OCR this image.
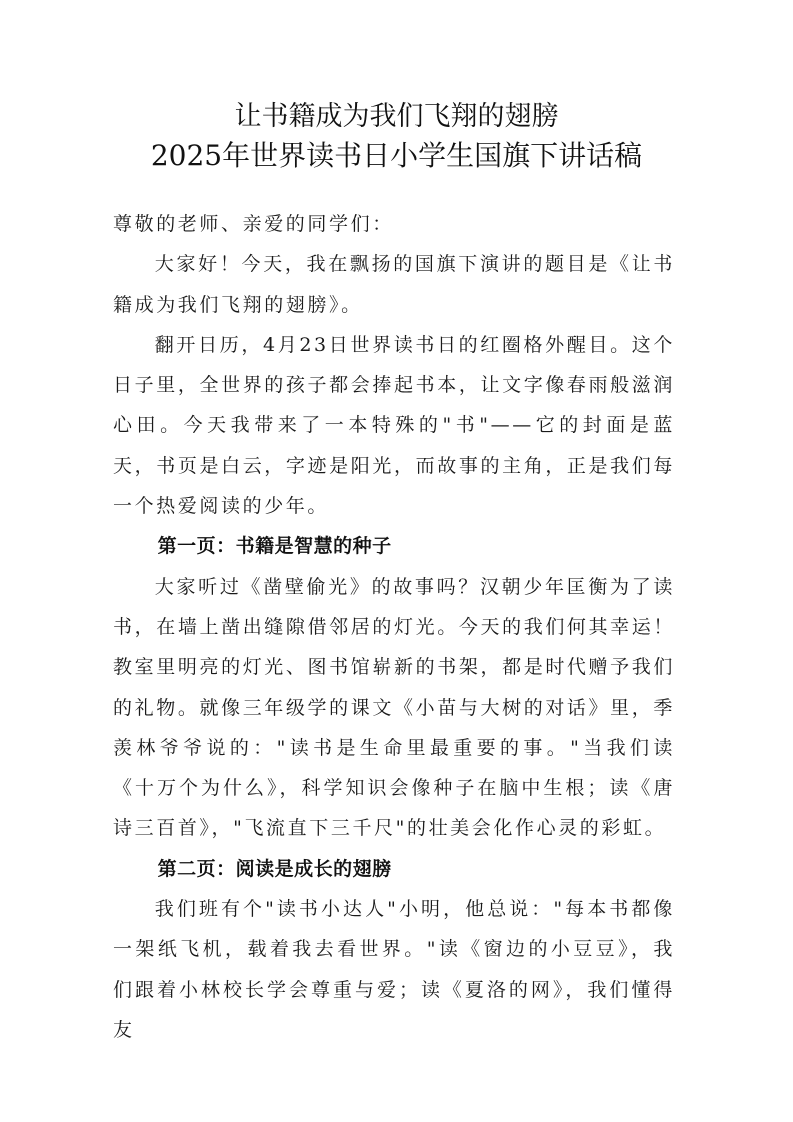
让书籍成为我们飞翔的翅膀
2025年世界读书日小学生国旗下讲话稿

尊敬的老师、亲爱的同学们：

大家好！今天，我在飘扬的国旗下演讲的题目是《让书籍成为我们飞翔的翅膀》。

翻开日历，4月23日世界读书日的红圈格外醒目。这个日子里，全世界的孩子都会捧起书本，让文字像春雨般滋润心田。今天我带来了一本特殊的"书"——它的封面是蓝天，书页是白云，字迹是阳光，而故事的主角，正是我们每一个热爱阅读的少年。

第一页：书籍是智慧的种子

大家听过《凿壁偷光》的故事吗？汉朝少年匡衡为了读书，在墙上凿出缝隙借邻居的灯光。今天的我们何其幸运！教室里明亮的灯光、图书馆崭新的书架，都是时代赠予我们的礼物。就像三年级学的课文《小苗与大树的对话》里，季羡林爷爷说的："读书是生命里最重要的事。"当我们读《十万个为什么》，科学知识会像种子在脑中生根；读《唐诗三百首》，"飞流直下三千尺"的壮美会化作心灵的彩虹。

第二页：阅读是成长的翅膀

我们班有个"读书小达人"小明，他总说："每本书都像一架纸飞机，载着我去看世界。"读《窗边的小豆豆》，我们跟着小林校长学会尊重与爱；读《夏洛的网》，我们懂得友
